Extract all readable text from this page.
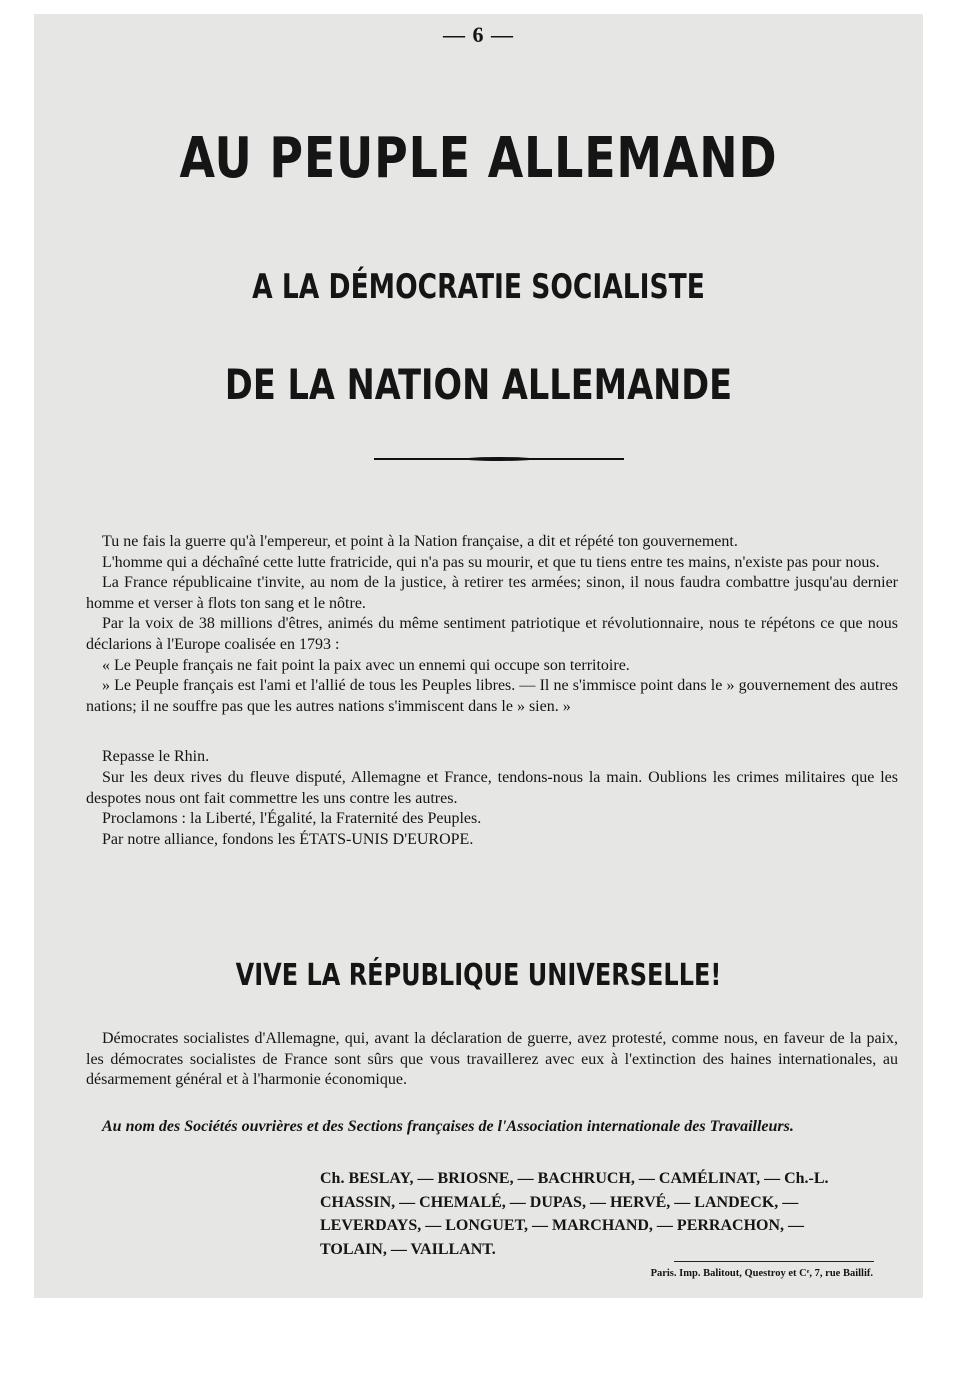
— 6 —
AU PEUPLE ALLEMAND
A LA DÉMOCRATIE SOCIALISTE
DE LA NATION ALLEMANDE

Tu ne fais la guerre qu'à l'empereur, et point à la Nation française, a dit et répété ton gouvernement.

L'homme qui a déchaîné cette lutte fratricide, qui n'a pas su mourir, et que tu tiens entre tes mains, n'existe pas pour nous.

La France républicaine t'invite, au nom de la justice, à retirer tes armées; sinon, il nous faudra combattre jusqu'au dernier homme et verser à flots ton sang et le nôtre.

Par la voix de 38 millions d'êtres, animés du même sentiment patriotique et révolutionnaire, nous te répétons ce que nous déclarions à l'Europe coalisée en 1793 :

« Le Peuple français ne fait point la paix avec un ennemi qui occupe son territoire.

» Le Peuple français est l'ami et l'allié de tous les Peuples libres. — Il ne s'immisce point dans le » gouvernement des autres nations; il ne souffre pas que les autres nations s'immiscent dans le » sien. »

Repasse le Rhin.

Sur les deux rives du fleuve disputé, Allemagne et France, tendons-nous la main. Oublions les crimes militaires que les despotes nous ont fait commettre les uns contre les autres.

Proclamons : la Liberté, l'Égalité, la Fraternité des Peuples.

Par notre alliance, fondons les ÉTATS-UNIS D'EUROPE.

VIVE LA RÉPUBLIQUE UNIVERSELLE!

Démocrates socialistes d'Allemagne, qui, avant la déclaration de guerre, avez protesté, comme nous, en faveur de la paix, les démocrates socialistes de France sont sûrs que vous travaillerez avec eux à l'extinction des haines internationales, au désarmement général et à l'harmonie économique.

Au nom des Sociétés ouvrières et des Sections françaises de l'Association internationale des Travailleurs.

Ch. BESLAY, — BRIOSNE, — BACHRUCH, — CAMÉLINAT, — Ch.-L.
CHASSIN, — CHEMALÉ, — DUPAS, — HERVÉ, — LANDECK, —
LEVERDAYS, — LONGUET, — MARCHAND, — PERRACHON, —
TOLAIN, — VAILLANT.

Paris. Imp. Balitout, Questroy et Cᵉ, 7, rue Baillif.
